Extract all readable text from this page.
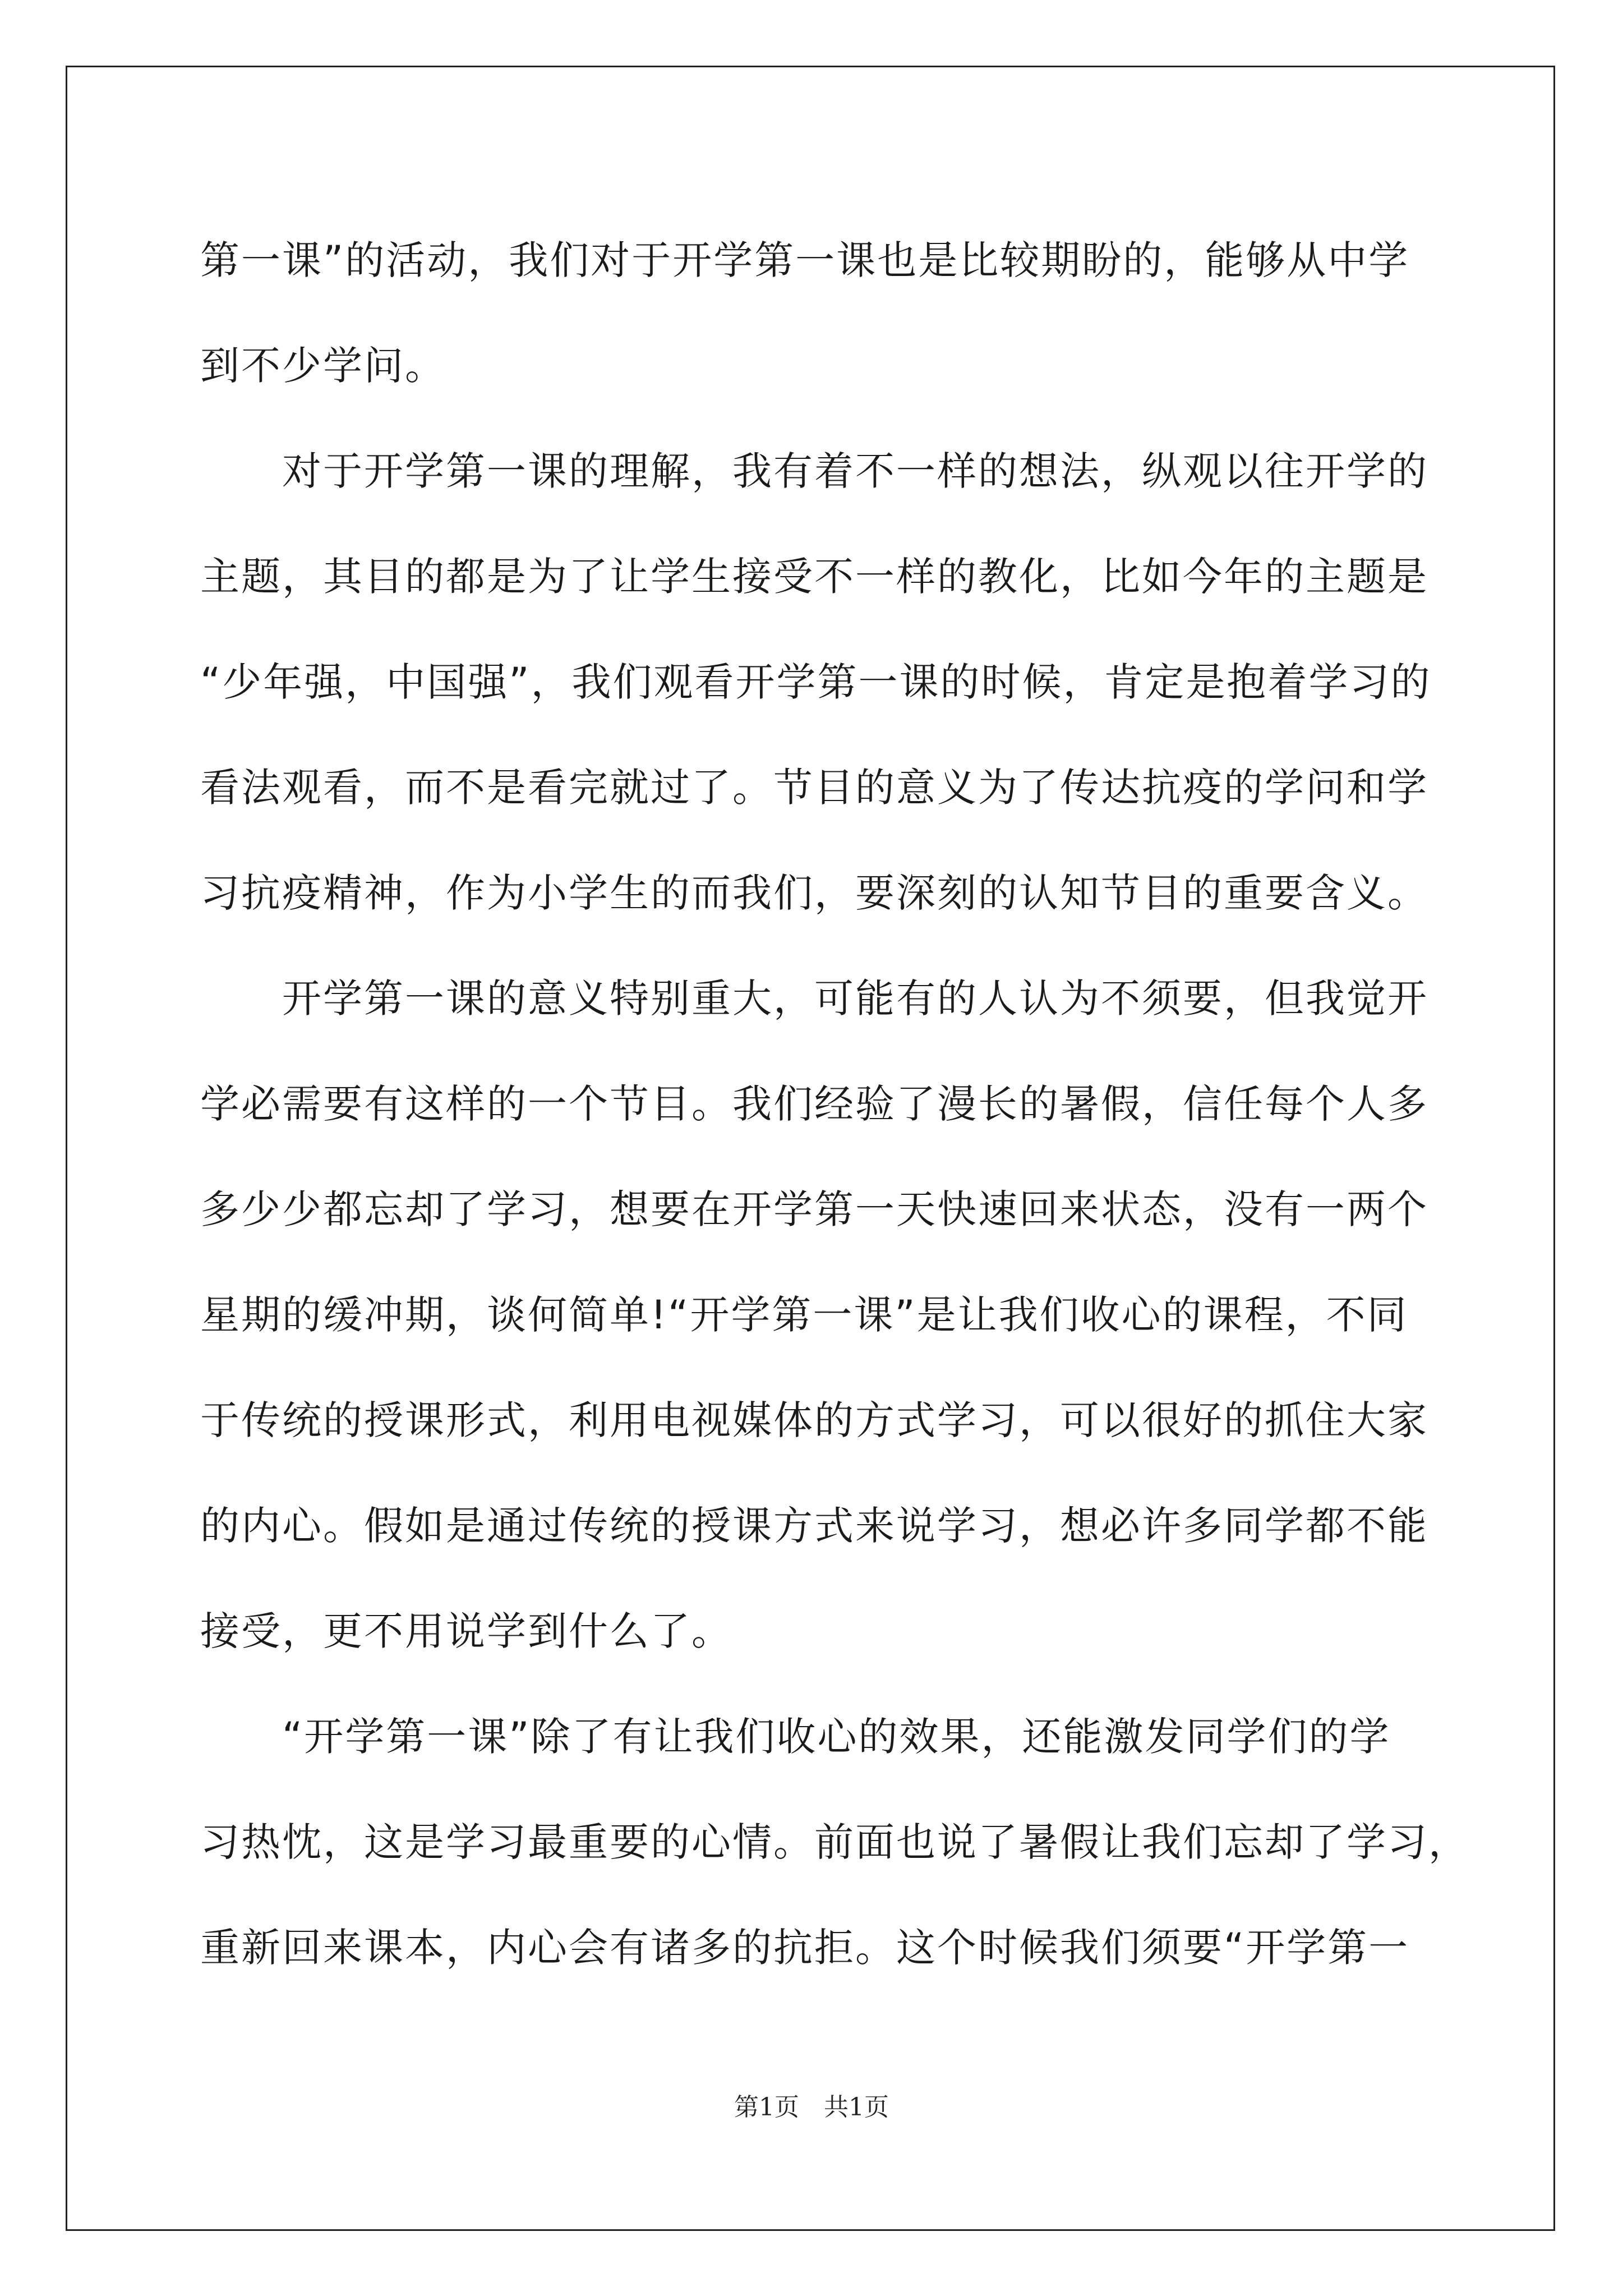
第一课”的活动，我们对于开学第一课也是比较期盼的，能够从中学
到不少学问。
　　对于开学第一课的理解，我有着不一样的想法，纵观以往开学的
主题，其目的都是为了让学生接受不一样的教化，比如今年的主题是
“少年强，中国强”，我们观看开学第一课的时候，肯定是抱着学习的
看法观看，而不是看完就过了。节目的意义为了传达抗疫的学问和学
习抗疫精神，作为小学生的而我们，要深刻的认知节目的重要含义。
　　开学第一课的意义特别重大，可能有的人认为不须要，但我觉开
学必需要有这样的一个节目。我们经验了漫长的暑假，信任每个人多
多少少都忘却了学习，想要在开学第一天快速回来状态，没有一两个
星期的缓冲期，谈何简单!“开学第一课”是让我们收心的课程，不同
于传统的授课形式，利用电视媒体的方式学习，可以很好的抓住大家
的内心。假如是通过传统的授课方式来说学习，想必许多同学都不能
接受，更不用说学到什么了。
　　“开学第一课”除了有让我们收心的效果，还能激发同学们的学
习热忱，这是学习最重要的心情。前面也说了暑假让我们忘却了学习，
重新回来课本，内心会有诸多的抗拒。这个时候我们须要“开学第一
第1页　共1页
